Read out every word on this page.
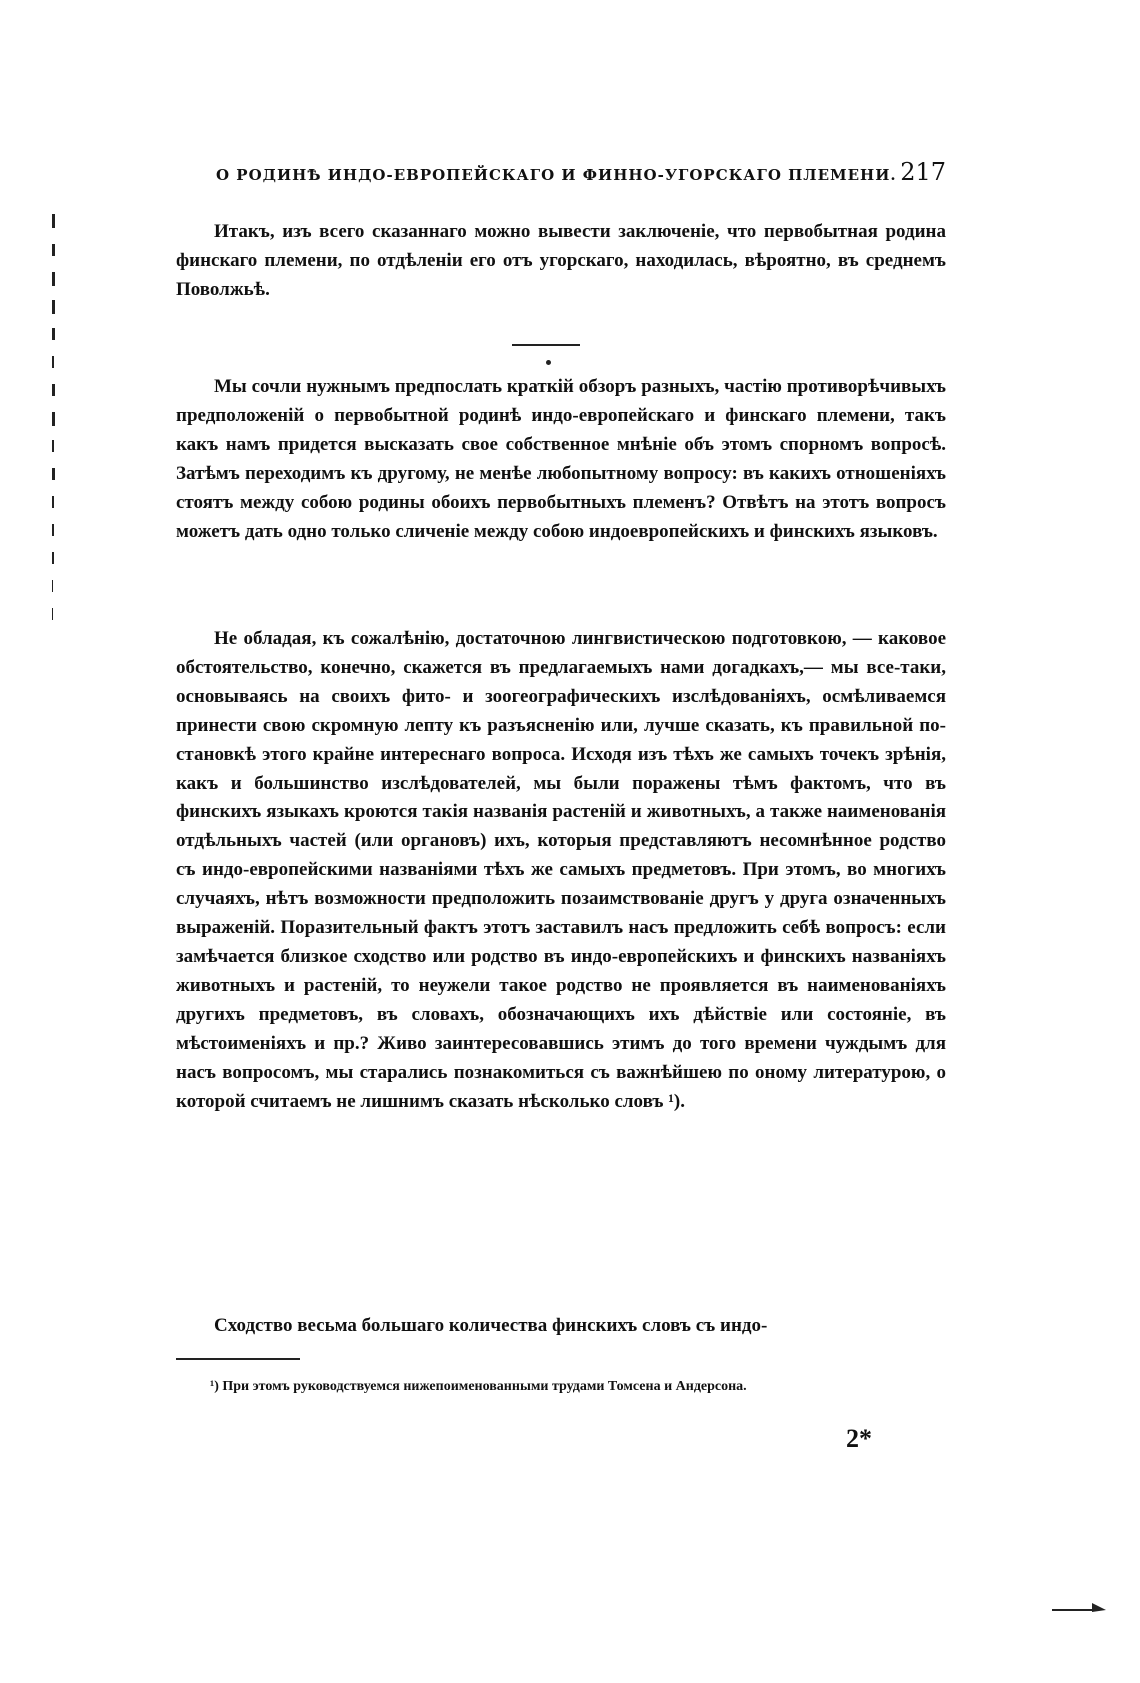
О РОДИНѢ ИНДО-ЕВРОПЕЙСКАГО И ФИННО-УГОРСКАГО ПЛЕМЕНИ. 217

Итакъ, изъ всего сказаннаго можно вывести заключеніе, что первобытная родина финскаго племени, по отдѣленіи его отъ угорскаго, находилась, вѣроятно, въ среднемъ Поволжьѣ.

Мы сочли нужнымъ предпослать краткій обзоръ разныхъ, частію противорѣчивыхъ предположеній о первобытной родинѣ индо-европейскаго и финскаго племени, такъ какъ намъ придется высказать свое собственное мнѣніе объ этомъ спорномъ вопросѣ. Затѣмъ переходимъ къ другому, не менѣе любопытному вопросу: въ какихъ отношеніяхъ стоятъ между собою родины обоихъ первобытныхъ племенъ? Отвѣтъ на этотъ вопросъ можетъ дать одно только сличеніе между собою индоевропейскихъ и финскихъ языковъ.

Не обладая, къ сожалѣнію, достаточною лингвистическою подготовкою, — каковое обстоятельство, конечно, скажется въ предлагаемыхъ нами догадкахъ,— мы все-таки, основываясь на своихъ фито- и зоогеографическихъ изслѣдованіяхъ, осмѣливаемся принести свою скромную лепту къ разъясненію или, лучше сказать, къ правильной постановкѣ этого крайне интереснаго вопроса. Исходя изъ тѣхъ же самыхъ точекъ зрѣнія, какъ и большинство изслѣдователей, мы были поражены тѣмъ фактомъ, что въ финскихъ языкахъ кроются такія названія растеній и животныхъ, а также наименованія отдѣльныхъ частей (или органовъ) ихъ, которыя представляютъ несомнѣнное родство съ индо-европейскими названіями тѣхъ же самыхъ предметовъ. При этомъ, во многихъ случаяхъ, нѣтъ возможности предположить позаимствованіе другъ у друга означенныхъ выраженій. Поразительный фактъ этотъ заставилъ насъ предложить себѣ вопросъ: если замѣчается близкое сходство или родство въ индо-европейскихъ и финскихъ названіяхъ животныхъ и растеній, то неужели такое родство не проявляется въ наименованіяхъ другихъ предметовъ, въ словахъ, обозначающихъ ихъ дѣйствіе или состояніе, въ мѣстоименіяхъ и пр.? Живо заинтересовавшись этимъ до того времени чуждымъ для насъ вопросомъ, мы старались познакомиться съ важнѣйшею по оному литературою, о которой считаемъ не лишнимъ сказать нѣсколько словъ ¹).

Сходство весьма большаго количества финскихъ словъ съ индо-

¹) При этомъ руководствуемся нижепоименованными трудами Томсена и Андерсона.
2*
